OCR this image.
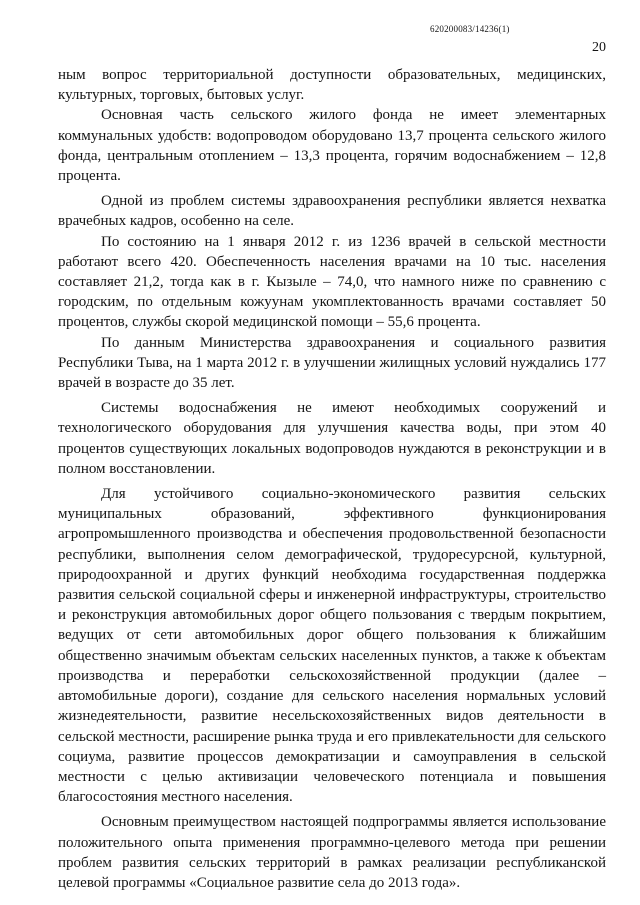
620200083/14236(1)
20

ным вопрос территориальной доступности образовательных, медицинских, культурных, торговых, бытовых услуг.

Основная часть сельского жилого фонда не имеет элементарных коммунальных удобств: водопроводом оборудовано 13,7 процента сельского жилого фонда, центральным отоплением – 13,3 процента, горячим водоснабжением – 12,8 процента.

Одной из проблем системы здравоохранения республики является нехватка врачебных кадров, особенно на селе.

По состоянию на 1 января 2012 г. из 1236 врачей в сельской местности работают всего 420. Обеспеченность населения врачами на 10 тыс. населения составляет 21,2, тогда как в г. Кызыле – 74,0, что намного ниже по сравнению с городским, по отдельным кожуунам укомплектованность врачами составляет 50 процентов, службы скорой медицинской помощи – 55,6 процента.

По данным Министерства здравоохранения и социального развития Республики Тыва, на 1 марта 2012 г. в улучшении жилищных условий нуждались 177 врачей в возрасте до 35 лет.

Системы водоснабжения не имеют необходимых сооружений и технологического оборудования для улучшения качества воды, при этом 40 процентов существующих локальных водопроводов нуждаются в реконструкции и в полном восстановлении.

Для устойчивого социально-экономического развития сельских муниципальных образований, эффективного функционирования агропромышленного производства и обеспечения продовольственной безопасности республики, выполнения селом демографической, трудоресурсной, культурной, природоохранной и других функций необходима государственная поддержка развития сельской социальной сферы и инженерной инфраструктуры, строительство и реконструкция автомобильных дорог общего пользования с твердым покрытием, ведущих от сети автомобильных дорог общего пользования к ближайшим общественно значимым объектам сельских населенных пунктов, а также к объектам производства и переработки сельскохозяйственной продукции (далее – автомобильные дороги), создание для сельского населения нормальных условий жизнедеятельности, развитие несельскохозяйственных видов деятельности в сельской местности, расширение рынка труда и его привлекательности для сельского социума, развитие процессов демократизации и самоуправления в сельской местности с целью активизации человеческого потенциала и повышения благосостояния местного населения.

Основным преимуществом настоящей подпрограммы является использование положительного опыта применения программно-целевого метода при решении проблем развития сельских территорий в рамках реализации республиканской целевой программы «Социальное развитие села до 2013 года».
